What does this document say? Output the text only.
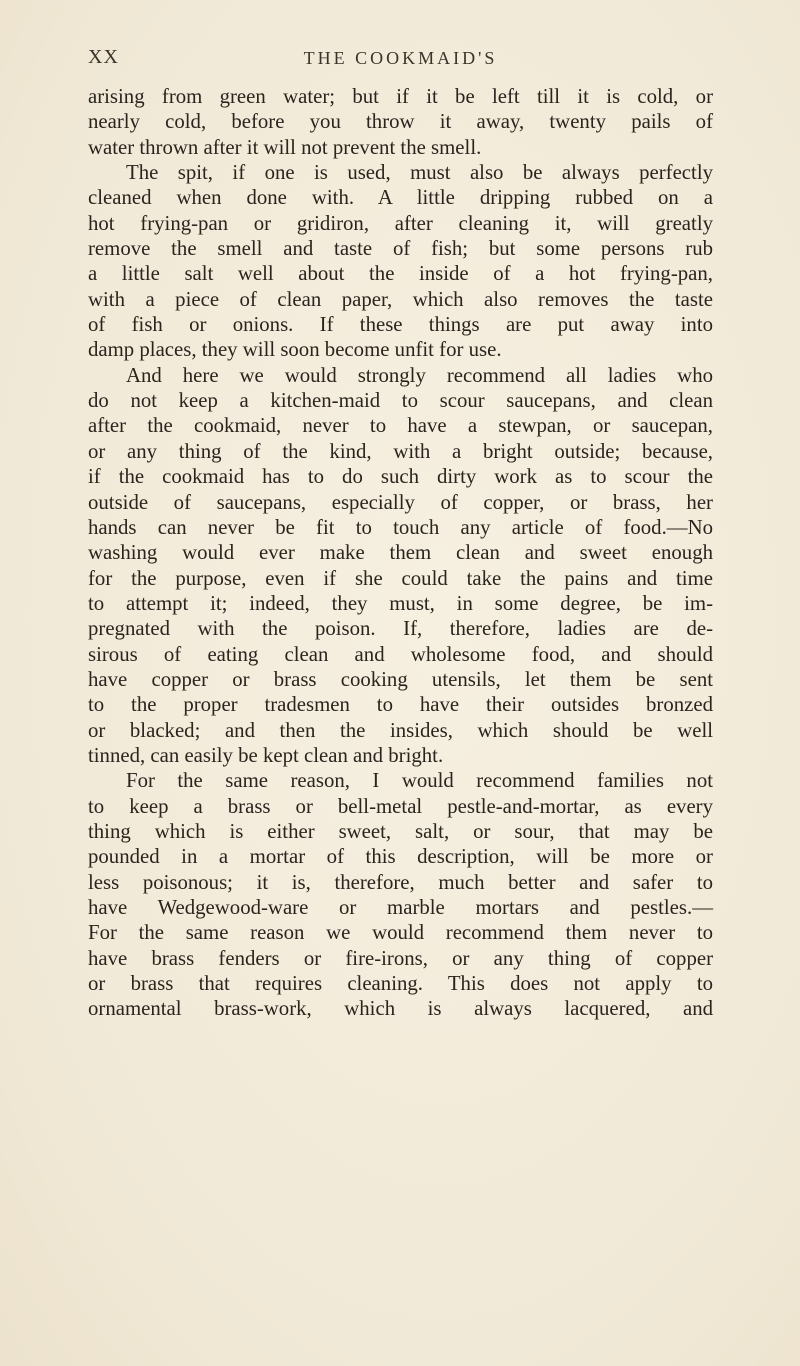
XX	THE COOKMAID'S
arising from green water; but if it be left till it is cold, or
nearly cold, before you throw it away, twenty pails of
water thrown after it will not prevent the smell.
The spit, if one is used, must also be always perfectly
cleaned when done with. A little dripping rubbed on a
hot frying-pan or gridiron, after cleaning it, will greatly
remove the smell and taste of fish; but some persons rub
a little salt well about the inside of a hot frying-pan,
with a piece of clean paper, which also removes the taste
of fish or onions. If these things are put away into
damp places, they will soon become unfit for use.
And here we would strongly recommend all ladies who
do not keep a kitchen-maid to scour saucepans, and clean
after the cookmaid, never to have a stewpan, or saucepan,
or any thing of the kind, with a bright outside; because,
if the cookmaid has to do such dirty work as to scour the
outside of saucepans, especially of copper, or brass, her
hands can never be fit to touch any article of food.—No
washing would ever make them clean and sweet enough
for the purpose, even if she could take the pains and time
to attempt it; indeed, they must, in some degree, be im-
pregnated with the poison. If, therefore, ladies are de-
sirous of eating clean and wholesome food, and should
have copper or brass cooking utensils, let them be sent
to the proper tradesmen to have their outsides bronzed
or blacked; and then the insides, which should be well
tinned, can easily be kept clean and bright.
For the same reason, I would recommend families not
to keep a brass or bell-metal pestle-and-mortar, as every
thing which is either sweet, salt, or sour, that may be
pounded in a mortar of this description, will be more or
less poisonous; it is, therefore, much better and safer to
have Wedgewood-ware or marble mortars and pestles.—
For the same reason we would recommend them never to
have brass fenders or fire-irons, or any thing of copper
or brass that requires cleaning. This does not apply to
ornamental brass-work, which is always lacquered, and
